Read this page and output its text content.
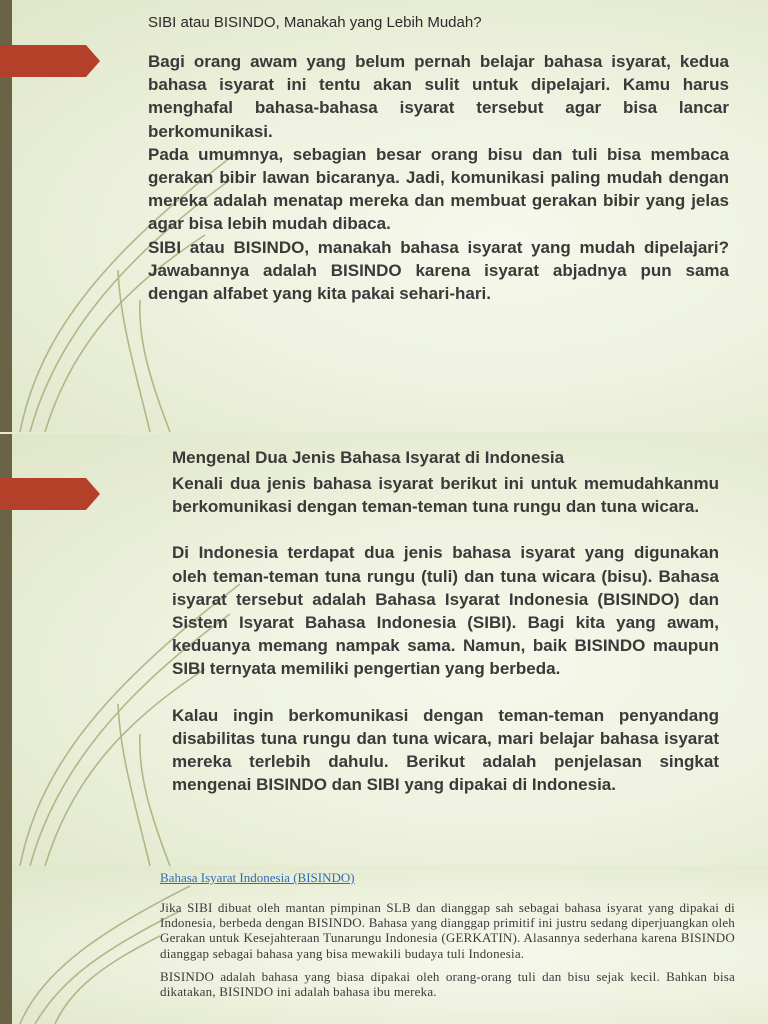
SIBI atau BISINDO, Manakah yang Lebih Mudah?

Bagi orang awam yang belum pernah belajar bahasa isyarat, kedua bahasa isyarat ini tentu akan sulit untuk dipelajari. Kamu harus menghafal bahasa-bahasa isyarat tersebut agar bisa lancar berkomunikasi.

Pada umumnya, sebagian besar orang bisu dan tuli bisa membaca gerakan bibir lawan bicaranya. Jadi, komunikasi paling mudah dengan mereka adalah menatap mereka dan membuat gerakan bibir yang jelas agar bisa lebih mudah dibaca.

SIBI atau BISINDO, manakah bahasa isyarat yang mudah dipelajari? Jawabannya adalah BISINDO karena isyarat abjadnya pun sama dengan alfabet yang kita pakai sehari-hari.

Mengenal Dua Jenis Bahasa Isyarat di Indonesia

Kenali dua jenis bahasa isyarat berikut ini untuk memudahkanmu berkomunikasi dengan teman-teman tuna rungu dan tuna wicara.

Di Indonesia terdapat dua jenis bahasa isyarat yang digunakan oleh teman-teman tuna rungu (tuli) dan tuna wicara (bisu). Bahasa isyarat tersebut adalah Bahasa Isyarat Indonesia (BISINDO) dan Sistem Isyarat Bahasa Indonesia (SIBI). Bagi kita yang awam, keduanya memang nampak sama. Namun, baik BISINDO maupun SIBI ternyata memiliki pengertian yang berbeda.

Kalau ingin berkomunikasi dengan teman-teman penyandang disabilitas tuna rungu dan tuna wicara, mari belajar bahasa isyarat mereka terlebih dahulu. Berikut adalah penjelasan singkat mengenai BISINDO dan SIBI yang dipakai di Indonesia.

Bahasa Isyarat Indonesia (BISINDO)

Jika SIBI dibuat oleh mantan pimpinan SLB dan dianggap sah sebagai bahasa isyarat yang dipakai di Indonesia, berbeda dengan BISINDO. Bahasa yang dianggap primitif ini justru sedang diperjuangkan oleh Gerakan untuk Kesejahteraan Tunarungu Indonesia (GERKATIN). Alasannya sederhana karena BISINDO dianggap sebagai bahasa yang bisa mewakili budaya tuli Indonesia.

BISINDO adalah bahasa yang biasa dipakai oleh orang-orang tuli dan bisu sejak kecil. Bahkan bisa dikatakan, BISINDO ini adalah bahasa ibu mereka.
